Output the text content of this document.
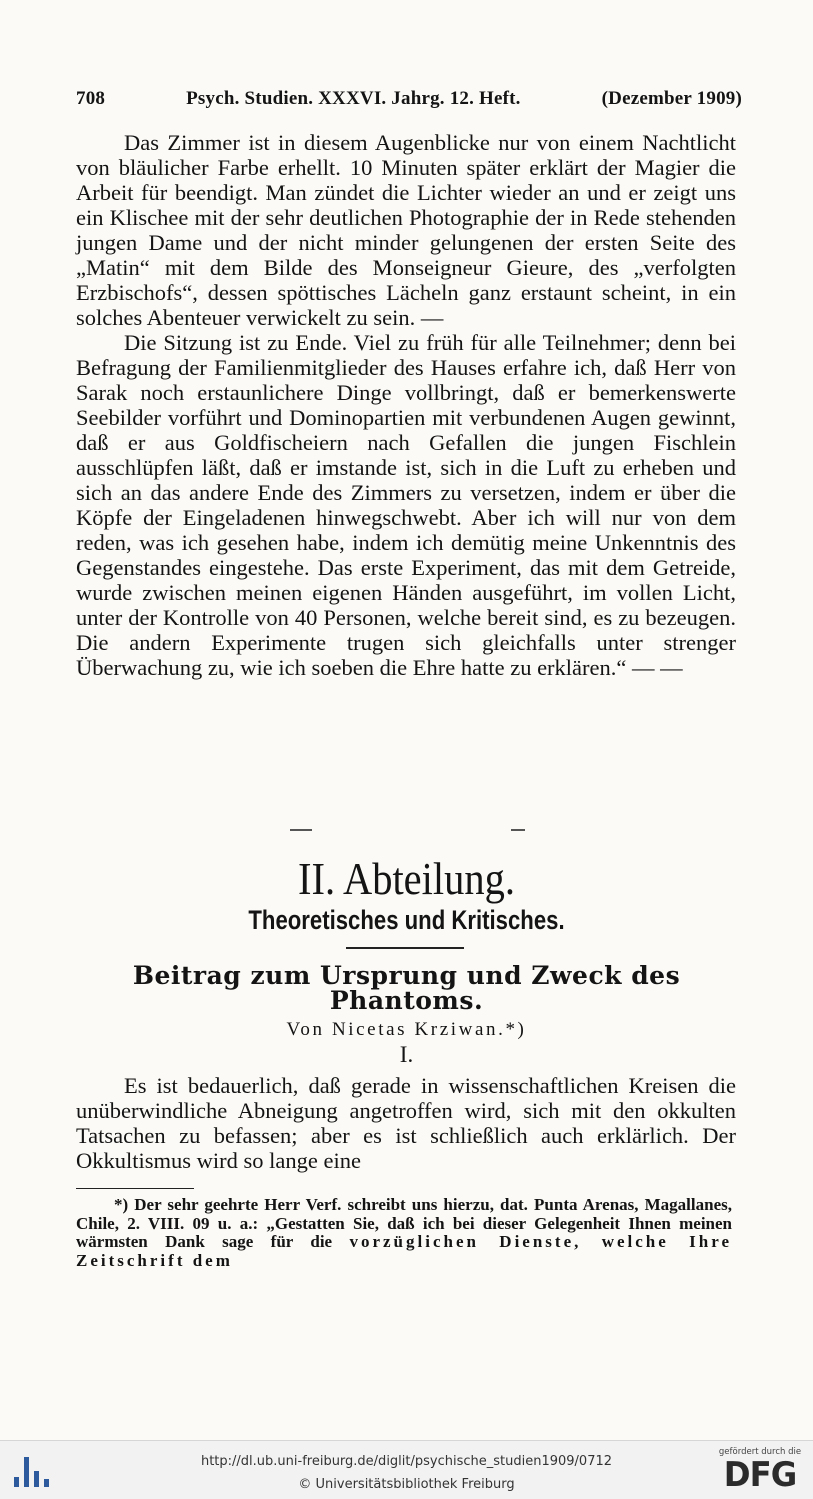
708	Psych. Studien. XXXVI. Jahrg. 12. Heft.	(Dezember 1909)

Das Zimmer ist in diesem Augenblicke nur von einem Nachtlicht von bläulicher Farbe erhellt. 10 Minuten später erklärt der Magier die Arbeit für beendigt. Man zündet die Lichter wieder an und er zeigt uns ein Klischee mit der sehr deutlichen Photographie der in Rede stehenden jungen Dame und der nicht minder gelungenen der ersten Seite des „Matin“ mit dem Bilde des Monseigneur Gieure, des „verfolgten Erzbischofs“, dessen spöttisches Lächeln ganz erstaunt scheint, in ein solches Abenteuer verwickelt zu sein. —

Die Sitzung ist zu Ende. Viel zu früh für alle Teilnehmer; denn bei Befragung der Familienmitglieder des Hauses erfahre ich, daß Herr von Sarak noch erstaunlichere Dinge vollbringt, daß er bemerkenswerte Seebilder vorführt und Dominopartien mit verbundenen Augen gewinnt, daß er aus Goldfischeiern nach Gefallen die jungen Fischlein ausschlüpfen läßt, daß er imstande ist, sich in die Luft zu erheben und sich an das andere Ende des Zimmers zu versetzen, indem er über die Köpfe der Eingeladenen hinwegschwebt. Aber ich will nur von dem reden, was ich gesehen habe, indem ich demütig meine Unkenntnis des Gegenstandes eingestehe. Das erste Experiment, das mit dem Getreide, wurde zwischen meinen eigenen Händen ausgeführt, im vollen Licht, unter der Kontrolle von 40 Personen, welche bereit sind, es zu bezeugen. Die andern Experimente trugen sich gleichfalls unter strenger Überwachung zu, wie ich soeben die Ehre hatte zu erklären.“ — —

II. Abteilung.
Theoretisches und Kritisches.
Beitrag zum Ursprung und Zweck des
Phantoms.
Von Nicetas Krziwan.*)
I.

Es ist bedauerlich, daß gerade in wissenschaftlichen Kreisen die unüberwindliche Abneigung angetroffen wird, sich mit den okkulten Tatsachen zu befassen; aber es ist schließlich auch erklärlich. Der Okkultismus wird so lange eine

*) Der sehr geehrte Herr Verf. schreibt uns hierzu, dat. Punta Arenas, Magallanes, Chile, 2. VIII. 09 u. a.: „Gestatten Sie, daß ich bei dieser Gelegenheit Ihnen meinen wärmsten Dank sage für die vorzüglichen Dienste, welche Ihre Zeitschrift dem

http://dl.ub.uni-freiburg.de/diglit/psychische_studien1909/0712
© Universitätsbibliothek Freiburg
gefördert durch die
DFG
